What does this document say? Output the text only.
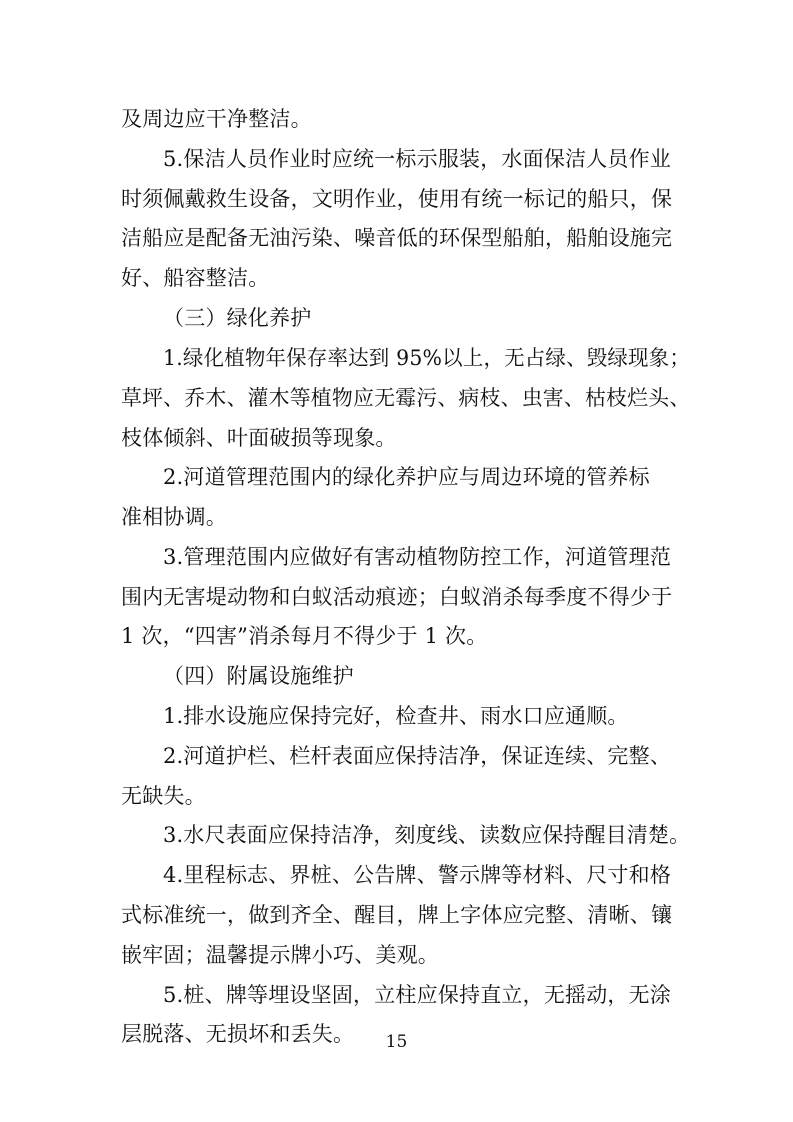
及周边应干净整洁。
5.保洁人员作业时应统一标示服装，水面保洁人员作业
时须佩戴救生设备，文明作业，使用有统一标记的船只，保
洁船应是配备无油污染、噪音低的环保型船舶，船舶设施完
好、船容整洁。
（三）绿化养护
1.绿化植物年保存率达到 95%以上，无占绿、毁绿现象；
草坪、乔木、灌木等植物应无霉污、病枝、虫害、枯枝烂头、
枝体倾斜、叶面破损等现象。
2.河道管理范围内的绿化养护应与周边环境的管养标
准相协调。
3.管理范围内应做好有害动植物防控工作，河道管理范
围内无害堤动物和白蚁活动痕迹；白蚁消杀每季度不得少于
1 次，“四害”消杀每月不得少于 1 次。
（四）附属设施维护
1.排水设施应保持完好，检查井、雨水口应通顺。
2.河道护栏、栏杆表面应保持洁净，保证连续、完整、
无缺失。
3.水尺表面应保持洁净，刻度线、读数应保持醒目清楚。
4.里程标志、界桩、公告牌、警示牌等材料、尺寸和格
式标准统一，做到齐全、醒目，牌上字体应完整、清晰、镶
嵌牢固；温馨提示牌小巧、美观。
5.桩、牌等埋设坚固，立柱应保持直立，无摇动，无涂
层脱落、无损坏和丢失。	15
